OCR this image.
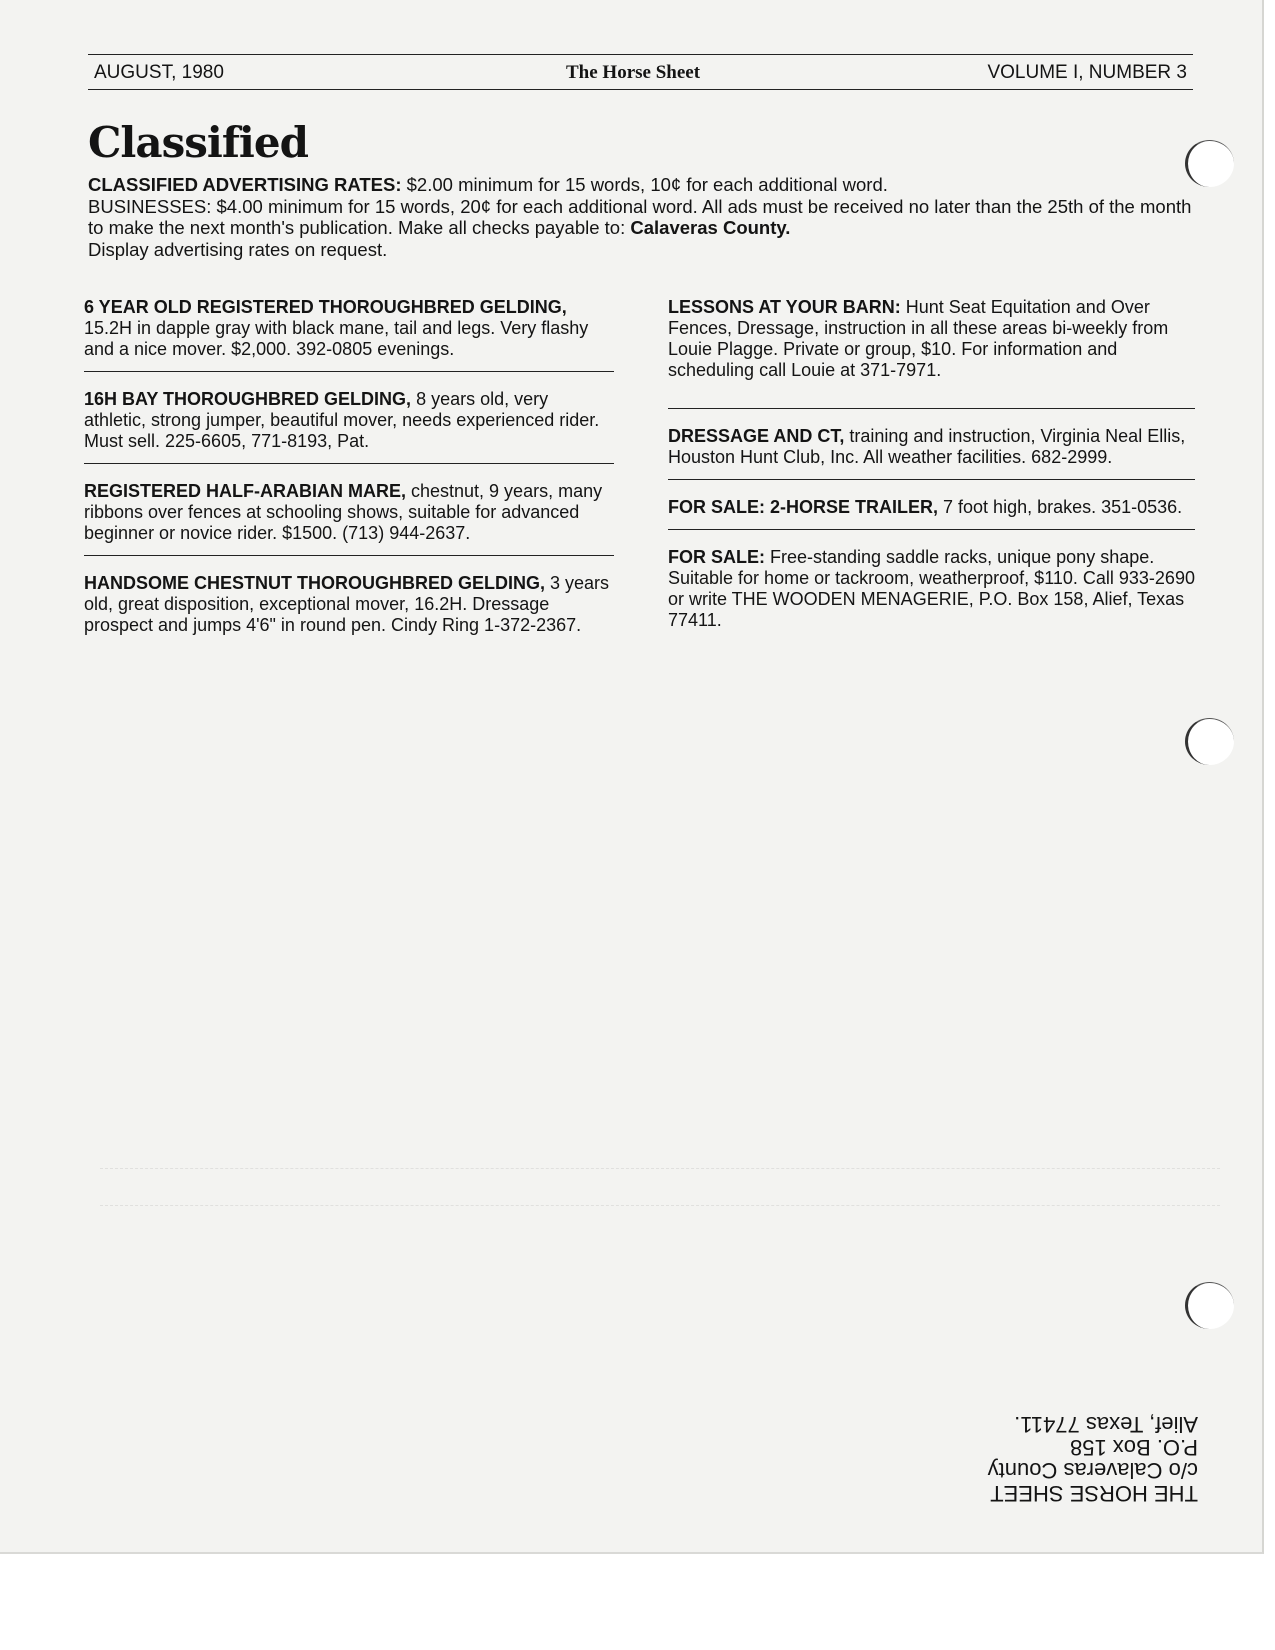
AUGUST, 1980	The Horse Sheet	VOLUME I, NUMBER 3
Classified
CLASSIFIED ADVERTISING RATES: $2.00 minimum for 15 words, 10¢ for each additional word.
BUSINESSES: $4.00 minimum for 15 words, 20¢ for each additional word. All ads must be received no later than the 25th of the month to make the next month's publication. Make all checks payable to: Calaveras County.
Display advertising rates on request.
6 YEAR OLD REGISTERED THOROUGHBRED GELDING, 15.2H in dapple gray with black mane, tail and legs. Very flashy and a nice mover. $2,000. 392-0805 evenings.
16H BAY THOROUGHBRED GELDING, 8 years old, very athletic, strong jumper, beautiful mover, needs experienced rider. Must sell. 225-6605, 771-8193, Pat.
REGISTERED HALF-ARABIAN MARE, chestnut, 9 years, many ribbons over fences at schooling shows, suitable for advanced beginner or novice rider. $1500. (713) 944-2637.
HANDSOME CHESTNUT THOROUGHBRED GELDING, 3 years old, great disposition, exceptional mover, 16.2H. Dressage prospect and jumps 4'6" in round pen. Cindy Ring 1-372-2367.
LESSONS AT YOUR BARN: Hunt Seat Equitation and Over Fences, Dressage, instruction in all these areas bi-weekly from Louie Plagge. Private or group, $10. For information and scheduling call Louie at 371-7971.
DRESSAGE AND CT, training and instruction, Virginia Neal Ellis, Houston Hunt Club, Inc. All weather facilities. 682-2999.
FOR SALE: 2-HORSE TRAILER, 7 foot high, brakes. 351-0536.
FOR SALE: Free-standing saddle racks, unique pony shape. Suitable for home or tackroom, weatherproof, $110. Call 933-2690 or write THE WOODEN MENAGERIE, P.O. Box 158, Alief, Texas 77411.
THE HORSE SHEET
c/o Calaveras County
P.O. Box 158
Alief, Texas 77411.
